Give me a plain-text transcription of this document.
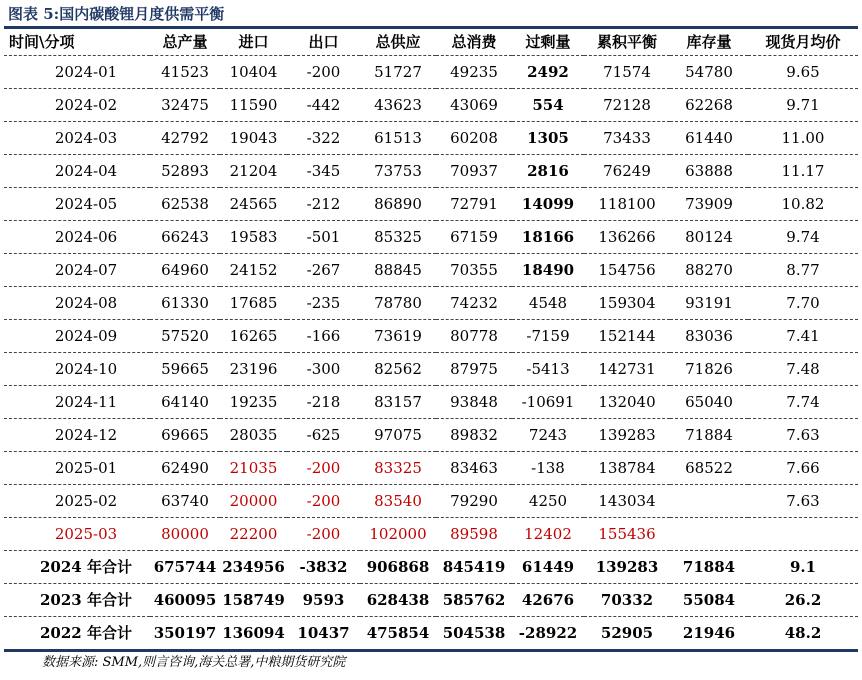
图表 5:国内碳酸锂月度供需平衡
时间\分项	总产量	进口	出口	总供应	总消费	过剩量	累积平衡	库存量	现货月均价
2024-01	41523	10404	-200	51727	49235	2492	71574	54780	9.65
2024-02	32475	11590	-442	43623	43069	554	72128	62268	9.71
2024-03	42792	19043	-322	61513	60208	1305	73433	61440	11.00
2024-04	52893	21204	-345	73753	70937	2816	76249	63888	11.17
2024-05	62538	24565	-212	86890	72791	14099	118100	73909	10.82
2024-06	66243	19583	-501	85325	67159	18166	136266	80124	9.74
2024-07	64960	24152	-267	88845	70355	18490	154756	88270	8.77
2024-08	61330	17685	-235	78780	74232	4548	159304	93191	7.70
2024-09	57520	16265	-166	73619	80778	-7159	152144	83036	7.41
2024-10	59665	23196	-300	82562	87975	-5413	142731	71826	7.48
2024-11	64140	19235	-218	83157	93848	-10691	132040	65040	7.74
2024-12	69665	28035	-625	97075	89832	7243	139283	71884	7.63
2025-01	62490	21035	-200	83325	83463	-138	138784	68522	7.66
2025-02	63740	20000	-200	83540	79290	4250	143034		7.63
2025-03	80000	22200	-200	102000	89598	12402	155436		
2024 年合计	675744	234956	-3832	906868	845419	61449	139283	71884	9.1
2023 年合计	460095	158749	9593	628438	585762	42676	70332	55084	26.2
2022 年合计	350197	136094	10437	475854	504538	-28922	52905	21946	48.2
数据来源: SMM,则言咨询,海关总署,中粮期货研究院
